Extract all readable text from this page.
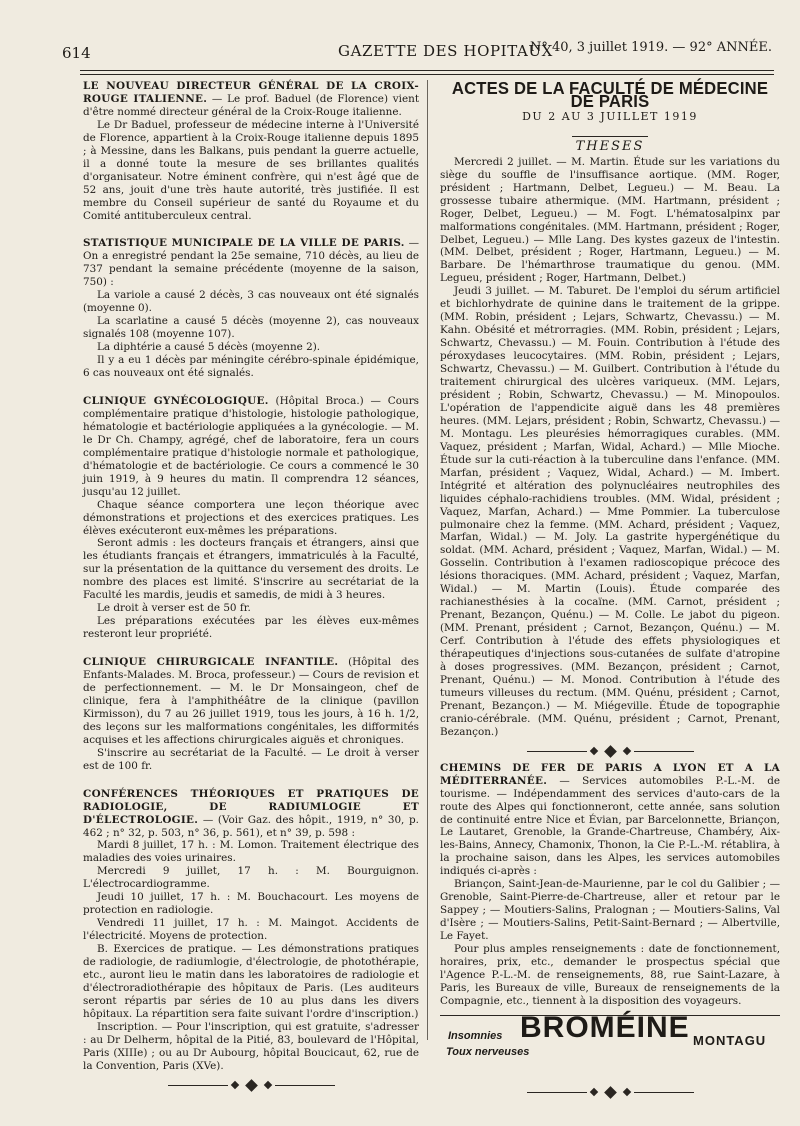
614	GAZETTE DES HOPITAUX
N° 40, 3 juillet 1919. — 92° ANNÉE.

LE NOUVEAU DIRECTEUR GÉNÉRAL DE LA CROIX-ROUGE ITALIENNE. — Le prof. Baduel (de Florence) vient d'être nommé directeur général de la Croix-Rouge italienne.

Le Dr Baduel, professeur de médecine interne à l'Université de Florence, appartient à la Croix-Rouge italienne depuis 1895 ; à Messine, dans les Balkans, puis pendant la guerre actuelle, il a donné toute la mesure de ses brillantes qualités d'organisateur. Notre éminent confrère, qui n'est âgé que de 52 ans, jouit d'une très haute autorité, très justifiée. Il est membre du Conseil supérieur de santé du Royaume et du Comité antituberculeux central.

STATISTIQUE MUNICIPALE DE LA VILLE DE PARIS. — On a enregistré pendant la 25e semaine, 710 décès, au lieu de 737 pendant la semaine précédente (moyenne de la saison, 750) :

La variole a causé 2 décès, 3 cas nouveaux ont été signalés (moyenne 0).

La scarlatine a causé 5 décès (moyenne 2), cas nouveaux signalés 108 (moyenne 107).

La diphtérie a causé 5 décès (moyenne 2).

Il y a eu 1 décès par méningite cérébro-spinale épidémique, 6 cas nouveaux ont été signalés.

CLINIQUE GYNÉCOLOGIQUE. (Hôpital Broca.) — Cours complémentaire pratique d'histologie, histologie pathologique, hématologie et bactériologie appliquées a la gynécologie. — M. le Dr Ch. Champy, agrégé, chef de laboratoire, fera un cours complémentaire pratique d'histologie normale et pathologique, d'hématologie et de bactériologie. Ce cours a commencé le 30 juin 1919, à 9 heures du matin. Il comprendra 12 séances, jusqu'au 12 juillet.

Chaque séance comportera une leçon théorique avec démonstrations et projections et des exercices pratiques. Les élèves exécuteront eux-mêmes les préparations.

Seront admis : les docteurs français et étrangers, ainsi que les étudiants français et étrangers, immatriculés à la Faculté, sur la présentation de la quittance du versement des droits. Le nombre des places est limité. S'inscrire au secrétariat de la Faculté les mardis, jeudis et samedis, de midi à 3 heures.

Le droit à verser est de 50 fr.

Les préparations exécutées par les élèves eux-mêmes resteront leur propriété.

CLINIQUE CHIRURGICALE INFANTILE. (Hôpital des Enfants-Malades. M. Broca, professeur.) — Cours de revision et de perfectionnement. — M. le Dr Monsaingeon, chef de clinique, fera à l'amphithéâtre de la clinique (pavillon Kirmisson), du 7 au 26 juillet 1919, tous les jours, à 16 h. 1/2, des leçons sur les malformations congénitales, les difformités acquises et les affections chirurgicales aiguës et chroniques.

S'inscrire au secrétariat de la Faculté. — Le droit à verser est de 100 fr.

CONFÉRENCES THÉORIQUES ET PRATIQUES DE RADIOLOGIE, DE RADIUMLOGIE ET D'ÉLECTROLOGIE. — (Voir Gaz. des hôpit., 1919, n° 30, p. 462 ; n° 32, p. 503, n° 36, p. 561), et n° 39, p. 598 :

Mardi 8 juillet, 17 h. : M. Lomon. Traitement électrique des maladies des voies urinaires.

Mercredi 9 juillet, 17 h. : M. Bourguignon. L'électrocardiogramme.

Jeudi 10 juillet, 17 h. : M. Bouchacourt. Les moyens de protection en radiologie.

Vendredi 11 juillet, 17 h. : M. Maingot. Accidents de l'électricité. Moyens de protection.

B. Exercices de pratique. — Les démonstrations pratiques de radiologie, de radiumlogie, d'électrologie, de photothérapie, etc., auront lieu le matin dans les laboratoires de radiologie et d'électroradiothérapie des hôpitaux de Paris. (Les auditeurs seront répartis par séries de 10 au plus dans les divers hôpitaux. La répartition sera faite suivant l'ordre d'inscription.)

Inscription. — Pour l'inscription, qui est gratuite, s'adresser : au Dr Delherm, hôpital de la Pitié, 83, boulevard de l'Hôpital, Paris (XIIIe) ; ou au Dr Aubourg, hôpital Boucicaut, 62, rue de la Convention, Paris (XVe).

ACTES DE LA FACULTÉ DE MÉDECINE DE PARIS
DU 2 AU 3 JUILLET 1919
THESES

Mercredi 2 juillet. — M. Martin. Étude sur les variations du siège du souffle de l'insuffisance aortique. (MM. Roger, président ; Hartmann, Delbet, Legueu.) — M. Beau. La grossesse tubaire athermique. (MM. Hartmann, président ; Roger, Delbet, Legueu.) — M. Fogt. L'hématosalpinx par malformations congénitales. (MM. Hartmann, président ; Roger, Delbet, Legueu.) — Mlle Lang. Des kystes gazeux de l'intestin. (MM. Delbet, président ; Roger, Hartmann, Legueu.) — M. Barbare. De l'hémarthrose traumatique du genou. (MM. Legueu, président ; Roger, Hartmann, Delbet.)

Jeudi 3 juillet. — M. Taburet. De l'emploi du sérum artificiel et bichlorhydrate de quinine dans le traitement de la grippe. (MM. Robin, président ; Lejars, Schwartz, Chevassu.) — M. Kahn. Obésité et métrorragies. (MM. Robin, président ; Lejars, Schwartz, Chevassu.) — M. Fouin. Contribution à l'étude des péroxydases leucocytaires. (MM. Robin, président ; Lejars, Schwartz, Chevassu.) — M. Guilbert. Contribution à l'étude du traitement chirurgical des ulcères variqueux. (MM. Lejars, président ; Robin, Schwartz, Chevassu.) — M. Minopoulos. L'opération de l'appendicite aiguë dans les 48 premières heures. (MM. Lejars, président ; Robin, Schwartz, Chevassu.) — M. Montagu. Les pleurésies hémorragiques curables. (MM. Vaquez, président ; Marfan, Widal, Achard.) — Mlle Mioche. Étude sur la cuti-réaction à la tuberculine dans l'enfance. (MM. Marfan, président ; Vaquez, Widal, Achard.) — M. Imbert. Intégrité et altération des polynucléaires neutrophiles des liquides céphalo-rachidiens troubles. (MM. Widal, président ; Vaquez, Marfan, Achard.) — Mme Pommier. La tuberculose pulmonaire chez la femme. (MM. Achard, président ; Vaquez, Marfan, Widal.) — M. Joly. La gastrite hypergénétique du soldat. (MM. Achard, président ; Vaquez, Marfan, Widal.) — M. Gosselin. Contribution à l'examen radioscopique précoce des lésions thoraciques. (MM. Achard, président ; Vaquez, Marfan, Widal.) — M. Martin (Louis). Étude comparée des rachianesthésies à la cocaïne. (MM. Carnot, président ; Prenant, Bezançon, Quénu.) — M. Colle. Le jabot du pigeon. (MM. Prenant, président ; Carnot, Bezançon, Quénu.) — M. Cerf. Contribution à l'étude des effets physiologiques et thérapeutiques d'injections sous-cutanées de sulfate d'atropine à doses progressives. (MM. Bezançon, président ; Carnot, Prenant, Quénu.) — M. Monod. Contribution à l'étude des tumeurs villeuses du rectum. (MM. Quénu, président ; Carnot, Prenant, Bezançon.) — M. Miégeville. Étude de topographie cranio-cérébrale. (MM. Quénu, président ; Carnot, Prenant, Bezançon.)

CHEMINS DE FER DE PARIS A LYON ET A LA MÉDITERRANÉE. — Services automobiles P.-L.-M. de tourisme. — Indépendamment des services d'auto-cars de la route des Alpes qui fonctionneront, cette année, sans solution de continuité entre Nice et Évian, par Barcelonnette, Briançon, Le Lautaret, Grenoble, la Grande-Chartreuse, Chambéry, Aix-les-Bains, Annecy, Chamonix, Thonon, la Cie P.-L.-M. rétablira, à la prochaine saison, dans les Alpes, les services automobiles indiqués ci-après :

Briançon, Saint-Jean-de-Maurienne, par le col du Galibier ; — Grenoble, Saint-Pierre-de-Chartreuse, aller et retour par le Sappey ; — Moutiers-Salins, Pralognan ; — Moutiers-Salins, Val d'Isère ; — Moutiers-Salins, Petit-Saint-Bernard ; — Albertville, Le Fayet.

Pour plus amples renseignements : date de fonctionnement, horaires, prix, etc., demander le prospectus spécial que l'Agence P.-L.-M. de renseignements, 88, rue Saint-Lazare, à Paris, les Bureaux de ville, Bureaux de renseignements de la Compagnie, etc., tiennent à la disposition des voyageurs.

Insomnies
Toux nerveuses
BROMÉINE MONTAGU
